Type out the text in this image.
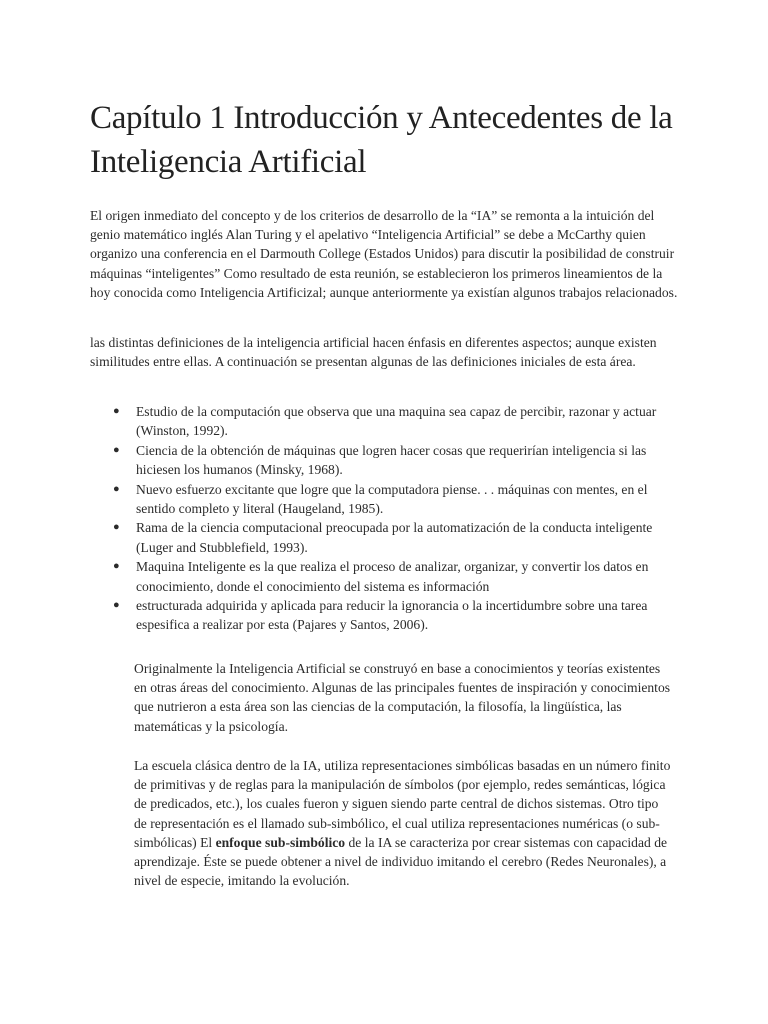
Capítulo 1 Introducción y Antecedentes de la Inteligencia Artificial

El origen inmediato del concepto y de los criterios de desarrollo de la “IA” se remonta a la intuición del genio matemático inglés Alan Turing y el apelativo “Inteligencia Artificial” se debe a McCarthy quien organizo una conferencia en el Darmouth College (Estados Unidos) para discutir la posibilidad de construir máquinas “inteligentes” Como resultado de esta reunión, se establecieron los primeros lineamientos de la hoy conocida como Inteligencia Artificizal; aunque anteriormente ya existían algunos trabajos relacionados.

las distintas definiciones de la inteligencia artificial hacen énfasis en diferentes aspectos; aunque existen similitudes entre ellas. A continuación se presentan algunas de las definiciones iniciales de esta área.

● Estudio de la computación que observa que una maquina sea capaz de percibir, razonar y actuar (Winston, 1992).
● Ciencia de la obtención de máquinas que logren hacer cosas que requerirían inteligencia si las hiciesen los humanos (Minsky, 1968).
● Nuevo esfuerzo excitante que logre que la computadora piense. . . máquinas con mentes, en el sentido completo y literal (Haugeland, 1985).
● Rama de la ciencia computacional preocupada por la automatización de la conducta inteligente (Luger and Stubblefield, 1993).
● Maquina Inteligente es la que realiza el proceso de analizar, organizar, y convertir los datos en conocimiento, donde el conocimiento del sistema es información
● estructurada adquirida y aplicada para reducir la ignorancia o la incertidumbre sobre una tarea espesifica a realizar por esta (Pajares y Santos, 2006).

Originalmente la Inteligencia Artificial se construyó en base a conocimientos y teorías existentes en otras áreas del conocimiento. Algunas de las principales fuentes de inspiración y conocimientos que nutrieron a esta área son las ciencias de la computación, la filosofía, la lingüística, las matemáticas y la psicología.

La escuela clásica dentro de la IA, utiliza representaciones simbólicas basadas en un número finito de primitivas y de reglas para la manipulación de símbolos (por ejemplo, redes semánticas, lógica de predicados, etc.), los cuales fueron y siguen siendo parte central de dichos sistemas. Otro tipo de representación es el llamado sub-simbólico, el cual utiliza representaciones numéricas (o sub-simbólicas) El enfoque sub-simbólico de la IA se caracteriza por crear sistemas con capacidad de aprendizaje. Éste se puede obtener a nivel de individuo imitando el cerebro (Redes Neuronales), a nivel de especie, imitando la evolución.
